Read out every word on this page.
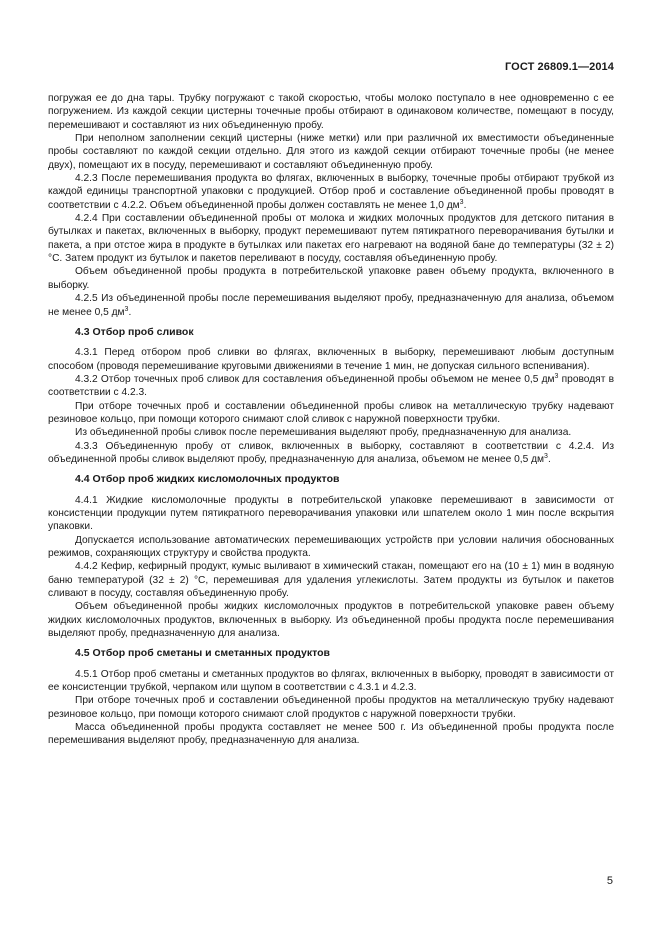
ГОСТ 26809.1—2014

погружая ее до дна тары. Трубку погружают с такой скоростью, чтобы молоко поступало в нее одновременно с ее погружением. Из каждой секции цистерны точечные пробы отбирают в одинаковом количестве, помещают в посуду, перемешивают и составляют из них объединенную пробу.

При неполном заполнении секций цистерны (ниже метки) или при различной их вместимости объединенные пробы составляют по каждой секции отдельно. Для этого из каждой секции отбирают точечные пробы (не менее двух), помещают их в посуду, перемешивают и составляют объединенную пробу.

4.2.3 После перемешивания продукта во флягах, включенных в выборку, точечные пробы отбирают трубкой из каждой единицы транспортной упаковки с продукцией. Отбор проб и составление объединенной пробы проводят в соответствии с 4.2.2. Объем объединенной пробы должен составлять не менее 1,0 $дм^3$.

4.2.4 При составлении объединенной пробы от молока и жидких молочных продуктов для детского питания в бутылках и пакетах, включенных в выборку, продукт перемешивают путем пятикратного переворачивания бутылки и пакета, а при отстое жира в продукте в бутылках или пакетах его нагревают на водяной бане до температуры (32 ± 2) °С. Затем продукт из бутылок и пакетов переливают в посуду, составляя объединенную пробу.

Объем объединенной пробы продукта в потребительской упаковке равен объему продукта, включенного в выборку.

4.2.5 Из объединенной пробы после перемешивания выделяют пробу, предназначенную для анализа, объемом не менее 0,5 $дм^3$.

4.3 Отбор проб сливок

4.3.1 Перед отбором проб сливки во флягах, включенных в выборку, перемешивают любым доступным способом (проводя перемешивание круговыми движениями в течение 1 мин, не допуская сильного вспенивания).

4.3.2 Отбор точечных проб сливок для составления объединенной пробы объемом не менее 0,5 $дм^3$ проводят в соответствии с 4.2.3.

При отборе точечных проб и составлении объединенной пробы сливок на металлическую трубку надевают резиновое кольцо, при помощи которого снимают слой сливок с наружной поверхности трубки.

Из объединенной пробы сливок после перемешивания выделяют пробу, предназначенную для анализа.

4.3.3 Объединенную пробу от сливок, включенных в выборку, составляют в соответствии с 4.2.4. Из объединенной пробы сливок выделяют пробу, предназначенную для анализа, объемом не менее 0,5 $дм^3$.

4.4 Отбор проб жидких кисломолочных продуктов

4.4.1 Жидкие кисломолочные продукты в потребительской упаковке перемешивают в зависимости от консистенции продукции путем пятикратного переворачивания упаковки или шпателем около 1 мин после вскрытия упаковки.

Допускается использование автоматических перемешивающих устройств при условии наличия обоснованных режимов, сохраняющих структуру и свойства продукта.

4.4.2 Кефир, кефирный продукт, кумыс выливают в химический стакан, помещают его на (10 ± 1) мин в водяную баню температурой (32 ± 2) °С, перемешивая для удаления углекислоты. Затем продукты из бутылок и пакетов сливают в посуду, составляя объединенную пробу.

Объем объединенной пробы жидких кисломолочных продуктов в потребительской упаковке равен объему жидких кисломолочных продуктов, включенных в выборку. Из объединенной пробы продукта после перемешивания выделяют пробу, предназначенную для анализа.

4.5 Отбор проб сметаны и сметанных продуктов

4.5.1 Отбор проб сметаны и сметанных продуктов во флягах, включенных в выборку, проводят в зависимости от ее консистенции трубкой, черпаком или щупом в соответствии с 4.3.1 и 4.2.3.

При отборе точечных проб и составлении объединенной пробы продуктов на металлическую трубку надевают резиновое кольцо, при помощи которого снимают слой продуктов с наружной поверхности трубки.

Масса объединенной пробы продукта составляет не менее 500 г. Из объединенной пробы продукта после перемешивания выделяют пробу, предназначенную для анализа.

5
